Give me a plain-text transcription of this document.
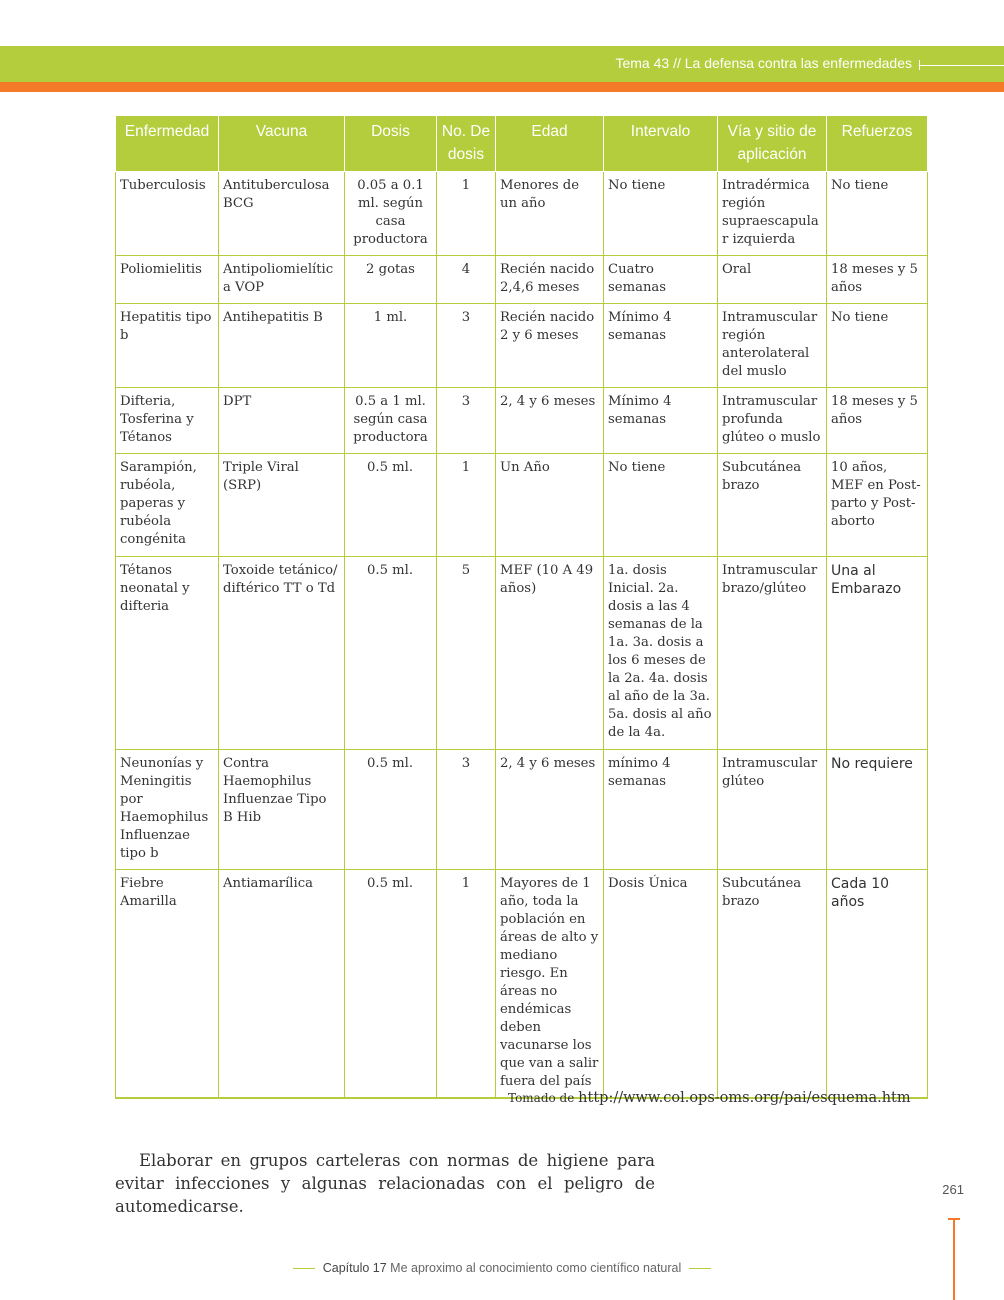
Tema 43 // La defensa contra las enfermedades
Enfermedad	Vacuna	Dosis	No. De dosis	Edad	Intervalo	Vía y sitio de aplicación	Refuerzos
Tuberculosis	Antituberculosa BCG	0.05 a 0.1 ml. según casa productora	1	Menores de un año	No tiene	Intradérmica región supraescapular izquierda	No tiene
Poliomielitis	Antipoliomielítica VOP	2 gotas	4	Recién nacido 2,4,6 meses	Cuatro semanas	Oral	18 meses y 5 años
Hepatitis tipo b	Antihepatitis B	1 ml.	3	Recién nacido 2 y 6 meses	Mínimo 4 semanas	Intramuscular región anterolateral del muslo	No tiene
Difteria, Tosferina y Tétanos	DPT	0.5 a 1 ml. según casa productora	3	2, 4 y 6 meses	Mínimo 4 semanas	Intramuscular profunda glúteo o muslo	18 meses y 5 años
Sarampión, rubéola, paperas y rubéola congénita	Triple Viral (SRP)	0.5 ml.	1	Un Año	No tiene	Subcutánea brazo	10 años, MEF en Post-parto y Post-aborto
Tétanos neonatal y difteria	Toxoide tetánico/ diftérico TT o Td	0.5 ml.	5	MEF (10 A 49 años)	1a. dosis Inicial. 2a. dosis a las 4 semanas de la 1a. 3a. dosis a los 6 meses de la 2a. 4a. dosis al año de la 3a. 5a. dosis al año de la 4a.	Intramuscular brazo/glúteo	Una al Embarazo
Neunonías y Meningitis por Haemophilus Influenzae tipo b	Contra Haemophilus Influenzae Tipo B Hib	0.5 ml.	3	2, 4 y 6 meses	mínimo 4 semanas	Intramuscular glúteo	No requiere
Fiebre Amarilla	Antiamarílica	0.5 ml.	1	Mayores de 1 año, toda la población en áreas de alto y mediano riesgo. En áreas no endémicas deben vacunarse los que van a salir fuera del país	Dosis Única	Subcutánea brazo	Cada 10 años
Tomado de http://www.col.ops-oms.org/pai/esquema.htm

Elaborar en grupos carteleras con normas de higiene para evitar infecciones y algunas relacionadas con el peligro de automedicarse.

261
Capítulo 17 Me aproximo al conocimiento como científico natural
